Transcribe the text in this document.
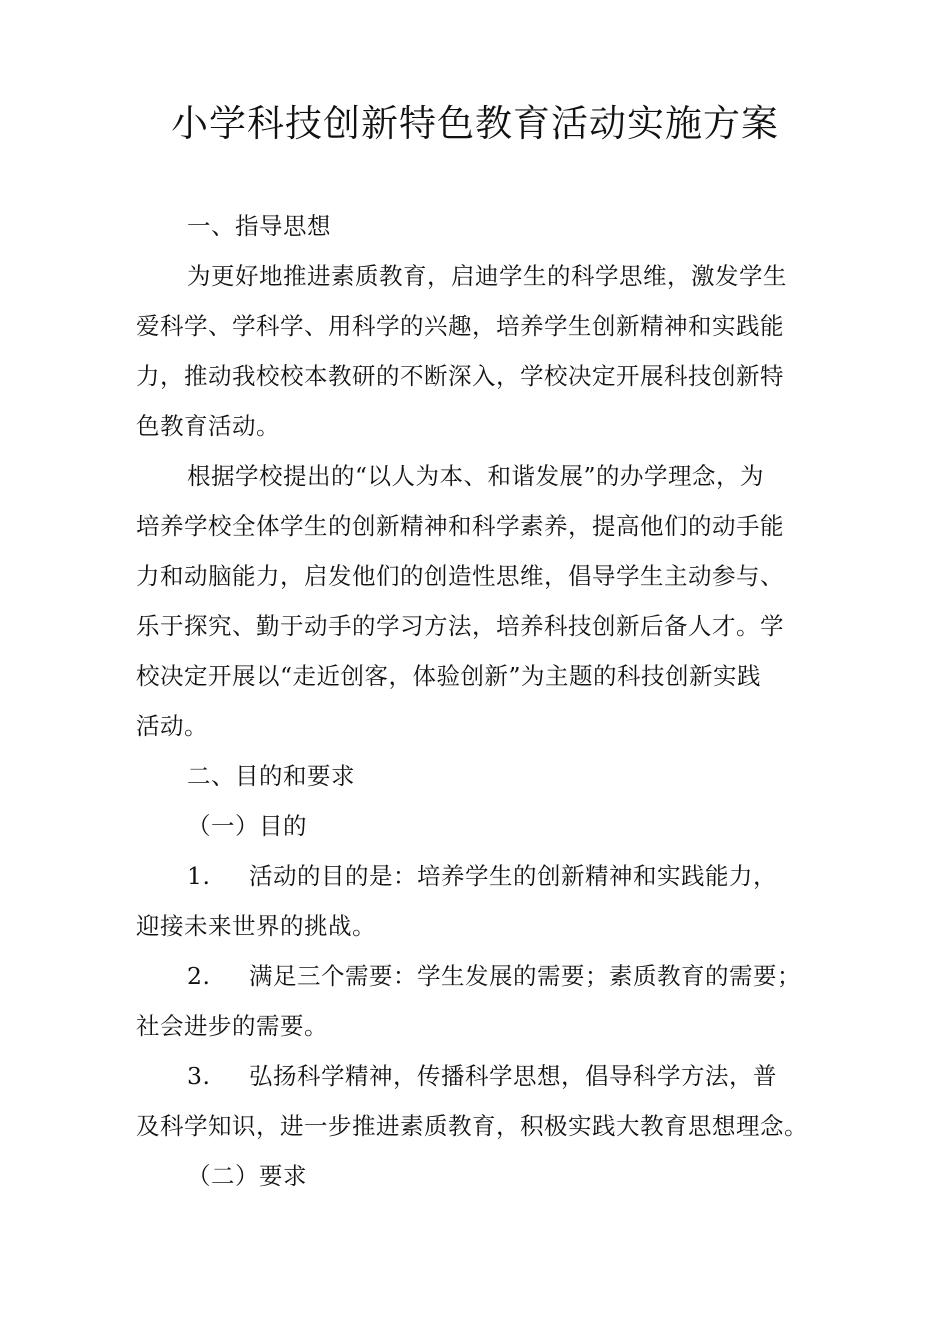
小学科技创新特色教育活动实施方案
一、指导思想
为更好地推进素质教育，启迪学生的科学思维，激发学生
爱科学、学科学、用科学的兴趣，培养学生创新精神和实践能
力，推动我校校本教研的不断深入，学校决定开展科技创新特
色教育活动。
根据学校提出的“以人为本、和谐发展”的办学理念，为
培养学校全体学生的创新精神和科学素养，提高他们的动手能
力和动脑能力，启发他们的创造性思维，倡导学生主动参与、
乐于探究、勤于动手的学习方法，培养科技创新后备人才。学
校决定开展以“走近创客，体验创新”为主题的科技创新实践
活动。
二、目的和要求
（一）目的
1. 活动的目的是：培养学生的创新精神和实践能力，
迎接未来世界的挑战。
2. 满足三个需要：学生发展的需要；素质教育的需要；
社会进步的需要。
3. 弘扬科学精神，传播科学思想，倡导科学方法，普
及科学知识，进一步推进素质教育，积极实践大教育思想理念。
（二）要求
